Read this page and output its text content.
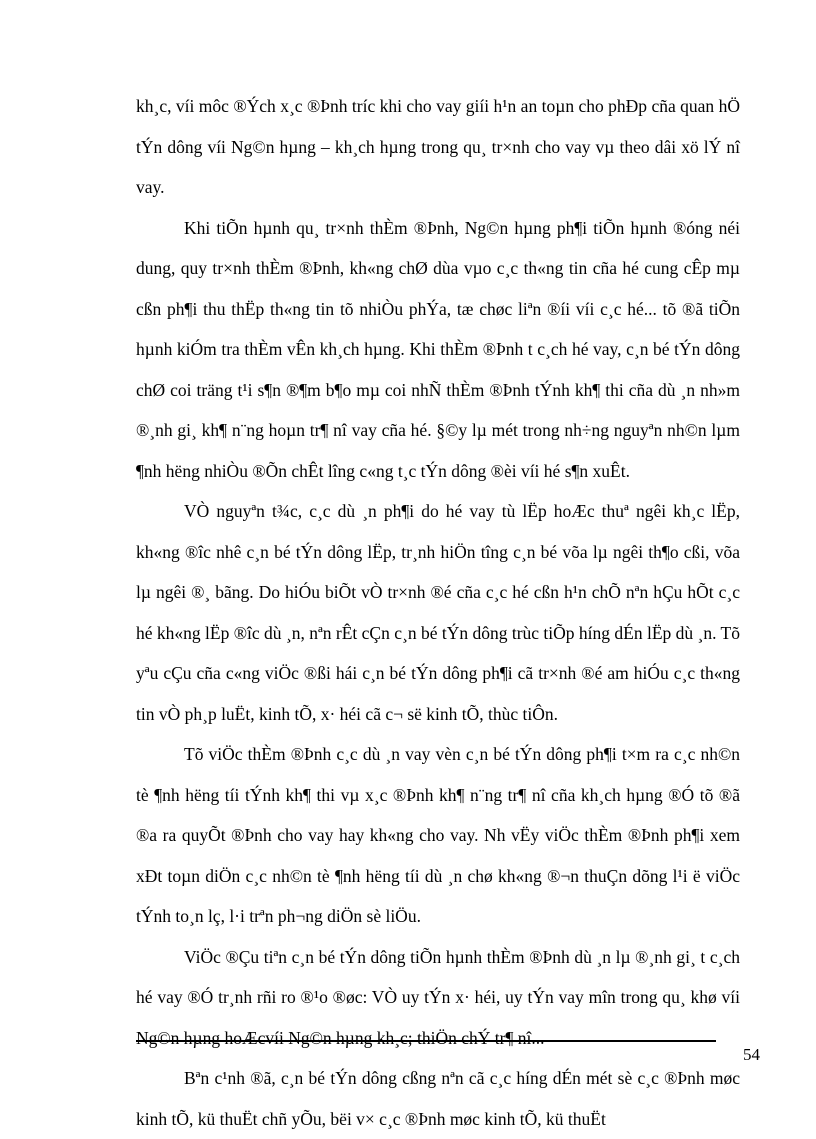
kh¸c, víi môc ®Ých x¸c ®Þnh tríc khi cho vay giíi h¹n an toµn cho phÐp cña quan hÖ tÝn dông víi Ng©n hµng – kh¸ch hµng trong qu¸ tr×nh cho vay vµ theo dâi xö lÝ nî vay.

Khi tiÕn hµnh qu¸ tr×nh thÈm ®Þnh, Ng©n hµng ph¶i tiÕn hµnh ®óng néi dung, quy tr×nh thÈm ®Þnh, kh«ng chØ dùa vµo c¸c th«ng tin cña hé cung cÊp mµ cßn ph¶i thu thËp th«ng tin tõ nhiÒu phÝa, tæ chøc liªn ®íi víi c¸c hé... tõ ®ã tiÕn hµnh kiÓm tra thÈm vÊn kh¸ch hµng. Khi thÈm ®Þnh t c¸ch hé vay, c¸n bé tÝn dông chØ coi träng t¹i s¶n ®¶m b¶o mµ coi nhÑ thÈm ®Þnh tÝnh kh¶ thi cña dù ¸n nh»m ®¸nh gi¸ kh¶ n¨ng hoµn tr¶ nî vay cña hé. §©y lµ mét trong nh÷ng nguyªn nh©n lµm ¶nh hëng nhiÒu ®Õn chÊt lîng c«ng t¸c tÝn dông ®èi víi hé s¶n xuÊt.

VÒ nguyªn t¾c, c¸c dù ¸n ph¶i do hé vay tù lËp hoÆc thuª ngêi kh¸c lËp, kh«ng ®îc nhê c¸n bé tÝn dông lËp, tr¸nh hiÖn tîng c¸n bé võa lµ ngêi th¶o cßi, võa lµ ngêi ®¸ bãng. Do hiÓu biÕt vÒ tr×nh ®é cña c¸c hé cßn h¹n chÕ nªn hÇu hÕt c¸c hé kh«ng lËp ®îc dù ¸n, nªn rÊt cÇn c¸n bé tÝn dông trùc tiÕp híng dÉn lËp dù ¸n. Tõ yªu cÇu cña c«ng viÖc ®ßi hái c¸n bé tÝn dông ph¶i cã tr×nh ®é am hiÓu c¸c th«ng tin vÒ ph¸p luËt, kinh tÕ, x· héi cã c¬ së kinh tÕ, thùc tiÔn.

Tõ viÖc thÈm ®Þnh c¸c dù ¸n vay vèn c¸n bé tÝn dông ph¶i t×m ra c¸c nh©n tè ¶nh hëng tíi tÝnh kh¶ thi vµ x¸c ®Þnh kh¶ n¨ng tr¶ nî cña kh¸ch hµng ®Ó tõ ®ã ®a ra quyÕt ®Þnh cho vay hay kh«ng cho vay. Nh vËy viÖc thÈm ®Þnh ph¶i xem xÐt toµn diÖn c¸c nh©n tè ¶nh hëng tíi dù ¸n chø kh«ng ®¬n thuÇn dõng l¹i ë viÖc tÝnh to¸n lç, l·i trªn ph¬ng diÖn sè liÖu.

ViÖc ®Çu tiªn c¸n bé tÝn dông tiÕn hµnh thÈm ®Þnh dù ¸n lµ ®¸nh gi¸ t c¸ch hé vay ®Ó tr¸nh rñi ro ®¹o ®øc: VÒ uy tÝn x· héi, uy tÝn vay mîn trong qu¸ khø víi Ng©n hµng hoÆcvíi Ng©n hµng kh¸c; thiÖn chÝ tr¶ nî...

Bªn c¹nh ®ã, c¸n bé tÝn dông cßng nªn cã c¸c híng dÉn mét sè c¸c ®Þnh møc kinh tÕ, kü thuËt chñ yÕu, bëi v× c¸c ®Þnh møc kinh tÕ, kü thuËt

54
